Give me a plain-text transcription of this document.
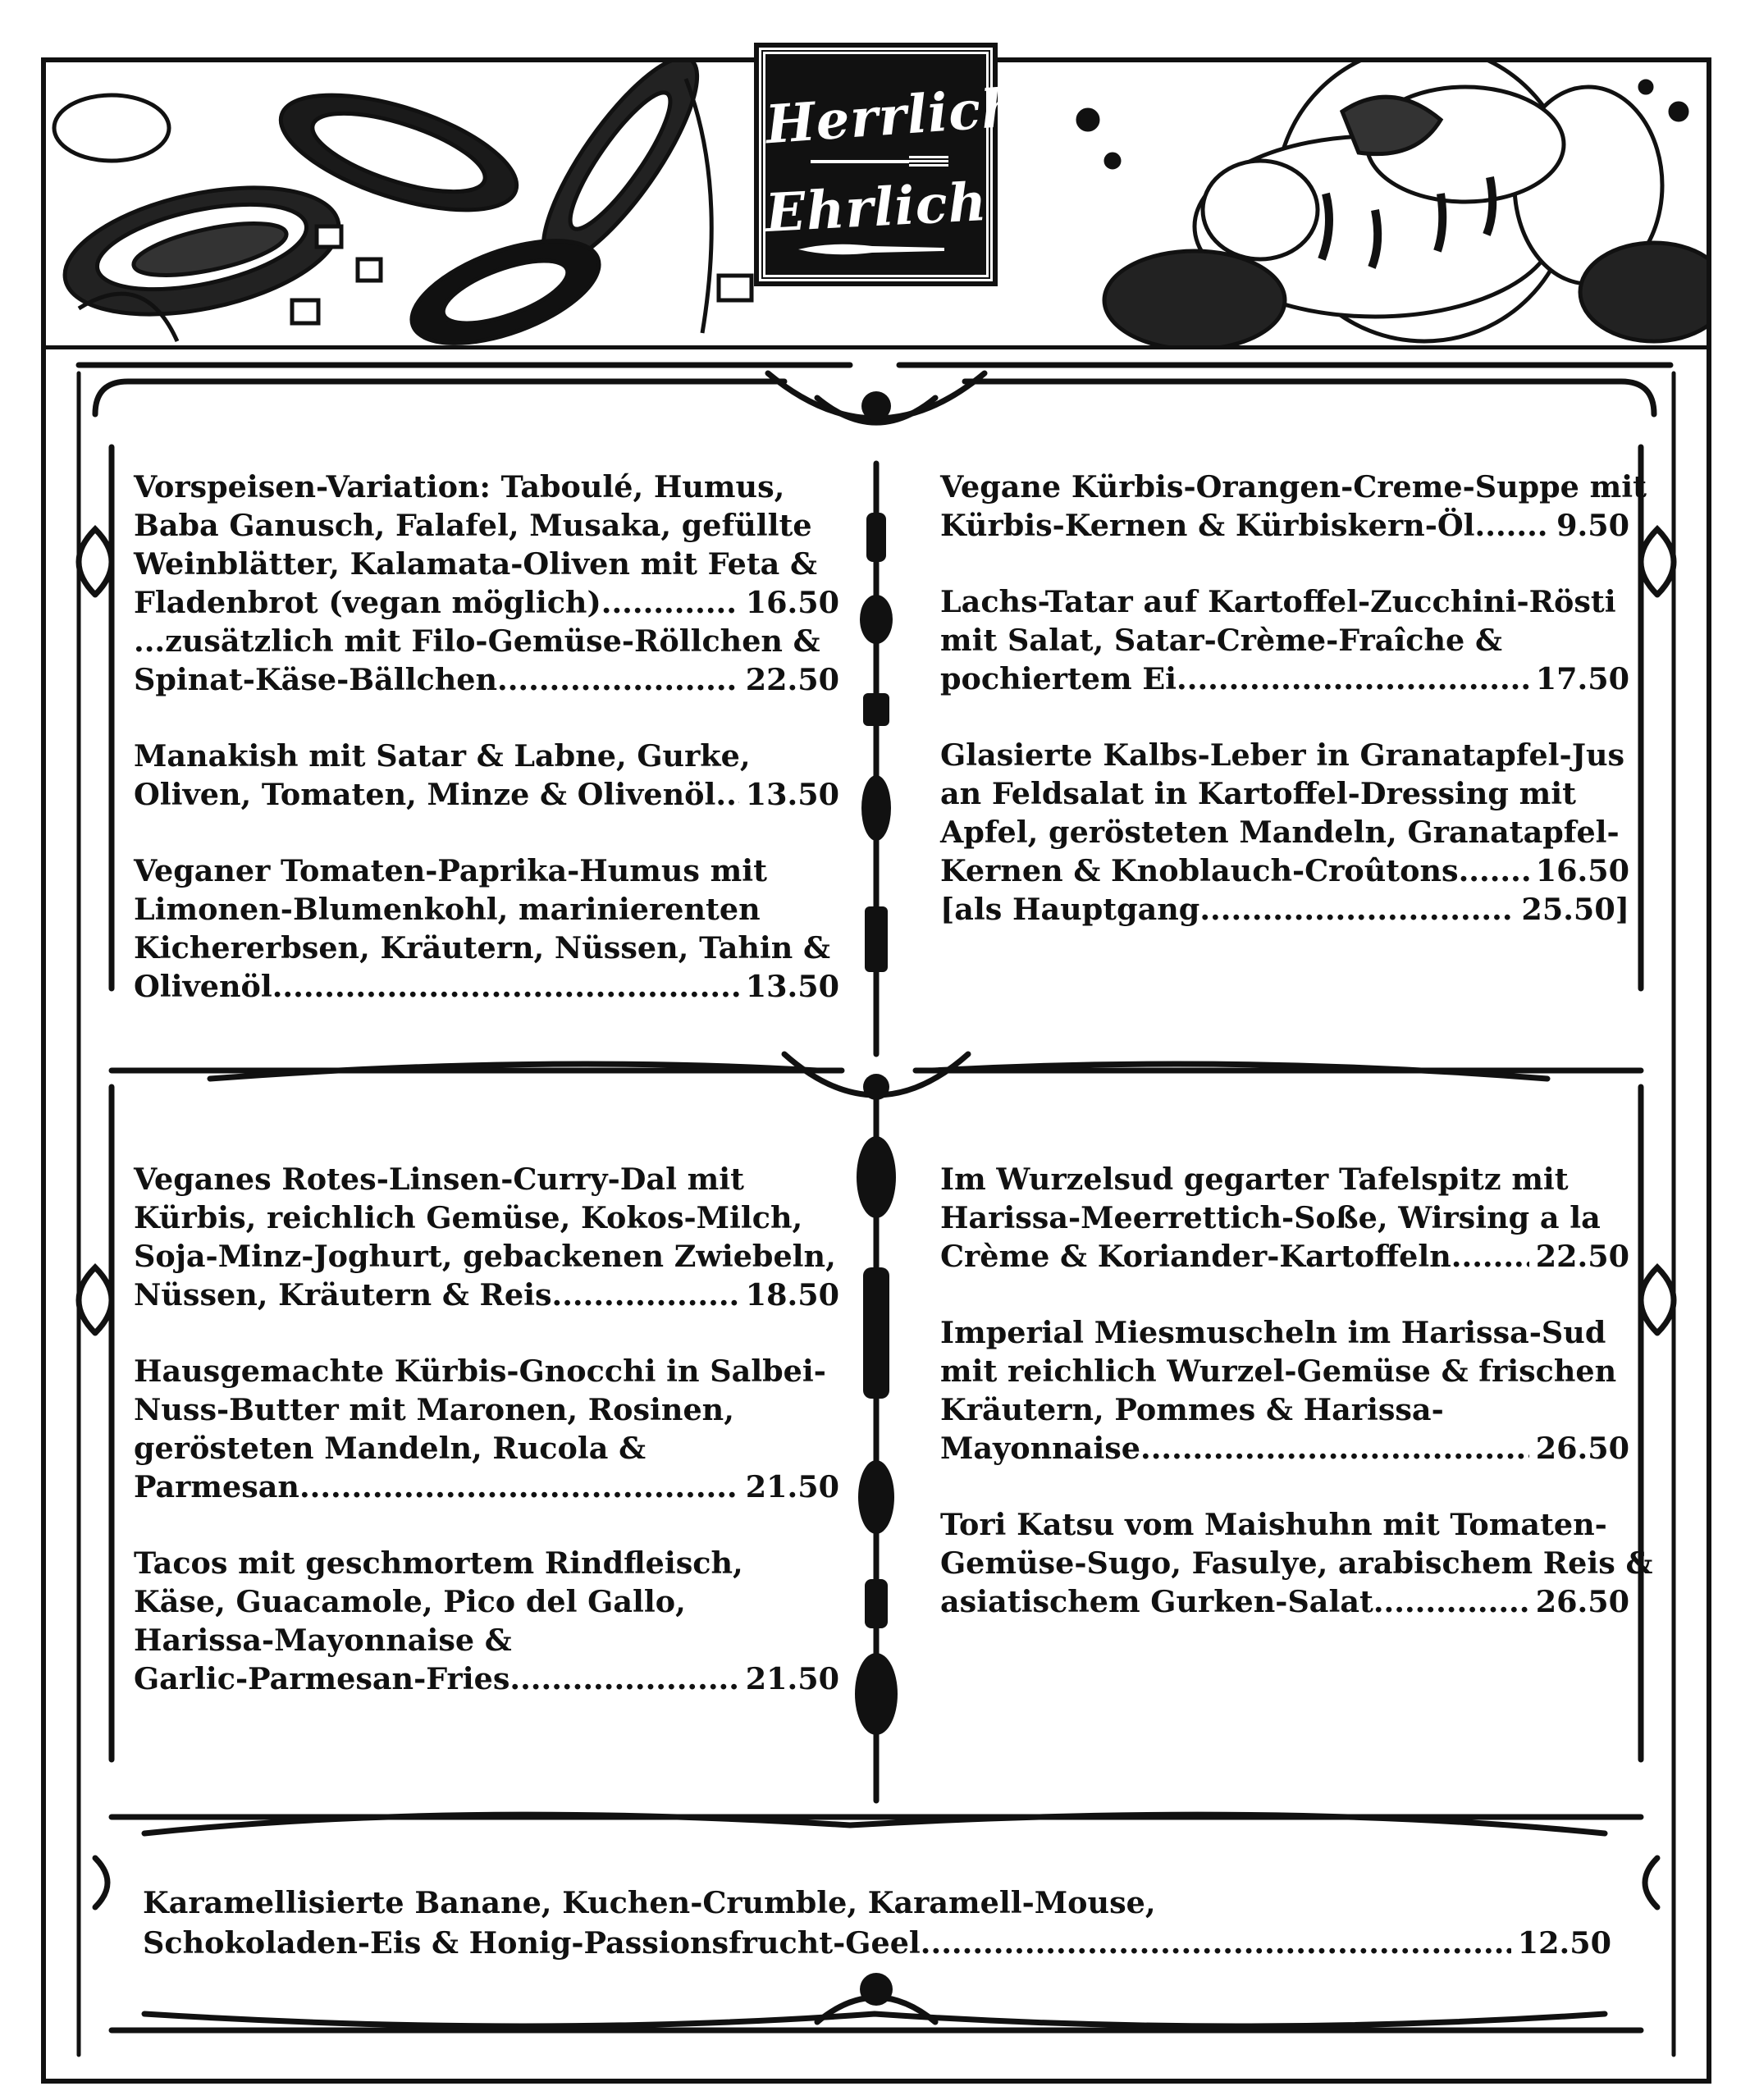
Herrlich
Ehrlich
Vorspeisen-Variation: Taboulé, Humus,
Baba Ganusch, Falafel, Musaka, gefüllte
Weinblätter, Kalamata-Oliven mit Feta &
Fladenbrot (vegan möglich) .....	16.50
...zusätzlich mit Filo-Gemüse-Röllchen &
Spinat-Käse-Bällchen .....	22.50
Manakish mit Satar & Labne, Gurke,
Oliven, Tomaten, Minze & Olivenöl ..... 13.50
Veganer Tomaten-Paprika-Humus mit
Limonen-Blumenkohl, marinierenten
Kichererbsen, Kräutern, Nüssen, Tahin &
Olivenöl .....	13.50
Vegane Kürbis-Orangen-Creme-Suppe mit
Kürbis-Kernen & Kürbiskern-Öl .....	9.50
Lachs-Tatar auf Kartoffel-Zucchini-Rösti
mit Salat, Satar-Crème-Fraîche &
pochiertem Ei .....	17.50
Glasierte Kalbs-Leber in Granatapfel-Jus
an Feldsalat in Kartoffel-Dressing mit
Apfel, gerösteten Mandeln, Granatapfel-
Kernen & Knoblauch-Croûtons .....	16.50
[als Hauptgang .....	25.50]
Veganes Rotes-Linsen-Curry-Dal mit
Kürbis, reichlich Gemüse, Kokos-Milch,
Soja-Minz-Joghurt, gebackenen Zwiebeln,
Nüssen, Kräutern & Reis .....	18.50
Hausgemachte Kürbis-Gnocchi in Salbei-
Nuss-Butter mit Maronen, Rosinen,
gerösteten Mandeln, Rucola &
Parmesan .....	21.50
Tacos mit geschmortem Rindfleisch,
Käse, Guacamole, Pico del Gallo,
Harissa-Mayonnaise &
Garlic-Parmesan-Fries .....	21.50
Im Wurzelsud gegarter Tafelspitz mit
Harissa-Meerrettich-Soße, Wirsing a la
Crème & Koriander-Kartoffeln .....	22.50
Imperial Miesmuscheln im Harissa-Sud
mit reichlich Wurzel-Gemüse & frischen
Kräutern, Pommes & Harissa-
Mayonnaise .....	26.50
Tori Katsu vom Maishuhn mit Tomaten-
Gemüse-Sugo, Fasulye, arabischem Reis &
asiatischem Gurken-Salat .....	26.50
Karamellisierte Banane, Kuchen-Crumble, Karamell-Mouse,
Schokoladen-Eis & Honig-Passionsfrucht-Geel .....	12.50
